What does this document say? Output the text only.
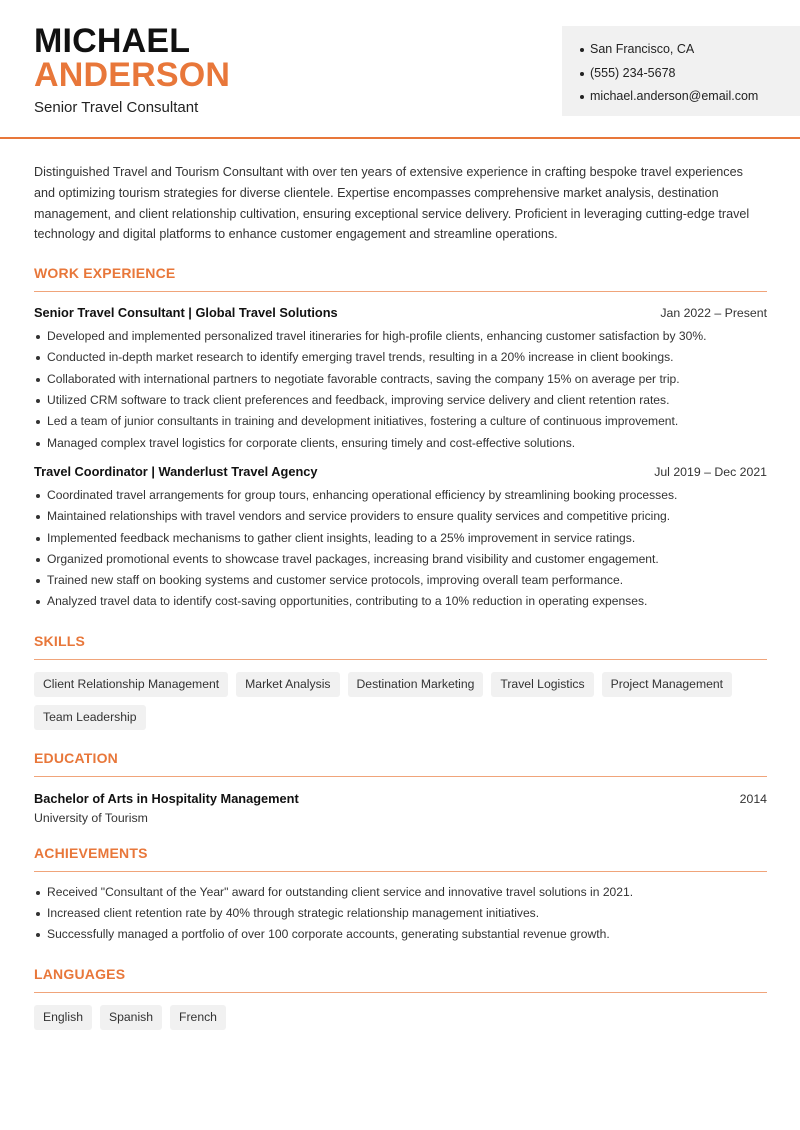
MICHAEL
ANDERSON
Senior Travel Consultant
San Francisco, CA
(555) 234-5678
michael.anderson@email.com

Distinguished Travel and Tourism Consultant with over ten years of extensive experience in crafting bespoke travel experiences and optimizing tourism strategies for diverse clientele. Expertise encompasses comprehensive market analysis, destination management, and client relationship cultivation, ensuring exceptional service delivery. Proficient in leveraging cutting-edge travel technology and digital platforms to enhance customer engagement and streamline operations.

WORK EXPERIENCE
Senior Travel Consultant | Global Travel Solutions	Jan 2022 – Present
Developed and implemented personalized travel itineraries for high-profile clients, enhancing customer satisfaction by 30%.
Conducted in-depth market research to identify emerging travel trends, resulting in a 20% increase in client bookings.
Collaborated with international partners to negotiate favorable contracts, saving the company 15% on average per trip.
Utilized CRM software to track client preferences and feedback, improving service delivery and client retention rates.
Led a team of junior consultants in training and development initiatives, fostering a culture of continuous improvement.
Managed complex travel logistics for corporate clients, ensuring timely and cost-effective solutions.
Travel Coordinator | Wanderlust Travel Agency	Jul 2019 – Dec 2021
Coordinated travel arrangements for group tours, enhancing operational efficiency by streamlining booking processes.
Maintained relationships with travel vendors and service providers to ensure quality services and competitive pricing.
Implemented feedback mechanisms to gather client insights, leading to a 25% improvement in service ratings.
Organized promotional events to showcase travel packages, increasing brand visibility and customer engagement.
Trained new staff on booking systems and customer service protocols, improving overall team performance.
Analyzed travel data to identify cost-saving opportunities, contributing to a 10% reduction in operating expenses.
SKILLS
Client Relationship Management	Market Analysis	Destination Marketing	Travel Logistics	Project Management
Team Leadership
EDUCATION
Bachelor of Arts in Hospitality Management	2014
University of Tourism
ACHIEVEMENTS
Received "Consultant of the Year" award for outstanding client service and innovative travel solutions in 2021.
Increased client retention rate by 40% through strategic relationship management initiatives.
Successfully managed a portfolio of over 100 corporate accounts, generating substantial revenue growth.
LANGUAGES
English	Spanish	French
